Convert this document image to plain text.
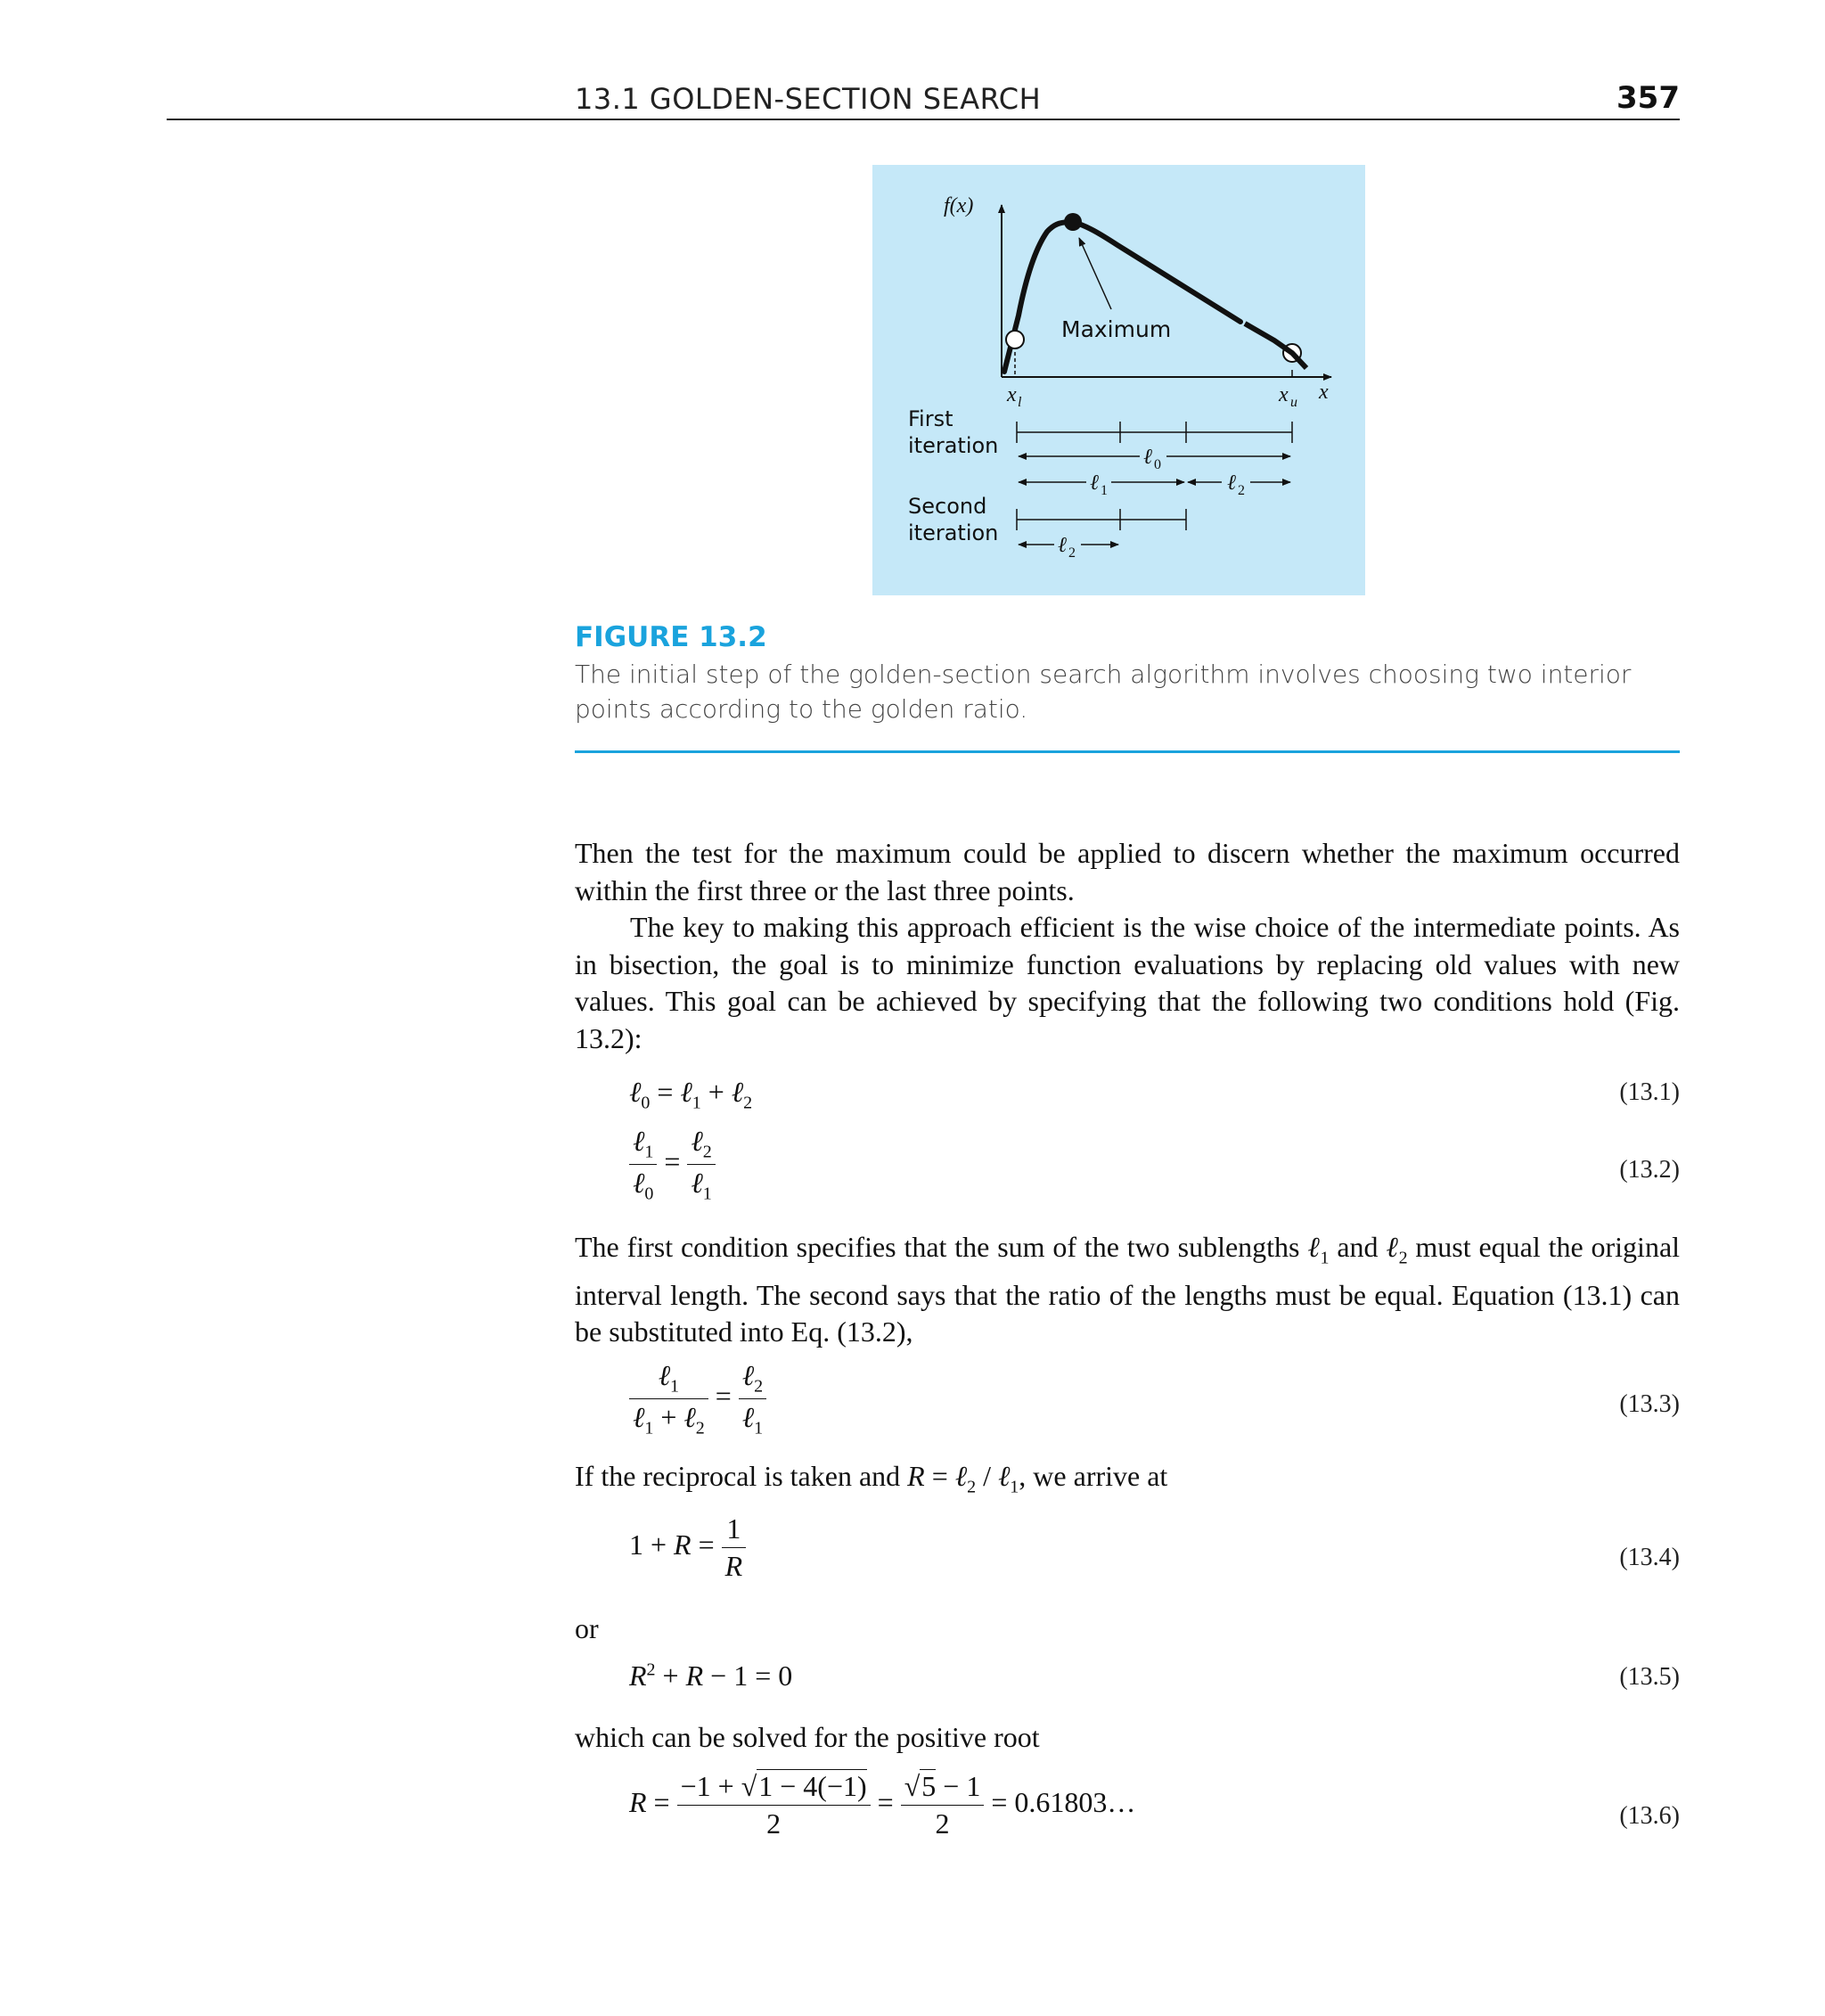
13.1 GOLDEN-SECTION SEARCH	357
f(x)
x
Maximum
x l	x u
First
iteration
Second
iteration
ℓ 0
ℓ 1	ℓ 2
ℓ 2
FIGURE 13.2
The initial step of the golden-section search algorithm involves choosing two interior points according to the golden ratio.
Then the test for the maximum could be applied to discern whether the maximum occurred within the first three or the last three points.
The key to making this approach efficient is the wise choice of the intermediate points. As in bisection, the goal is to minimize function evaluations by replacing old values with new values. This goal can be achieved by specifying that the following two conditions hold (Fig. 13.2):
ℓ$_0$ = ℓ$_1$ + ℓ$_2$	(13.1)
$\frac{\ell_1}{\ell_0} = \frac{\ell_2}{\ell_1}$	(13.2)
The first condition specifies that the sum of the two sublengths ℓ$_1$ and ℓ$_2$ must equal the original interval length. The second says that the ratio of the lengths must be equal. Equation (13.1) can be substituted into Eq. (13.2),
$\frac{\ell_1}{\ell_1 + \ell_2} = \frac{\ell_2}{\ell_1}$	(13.3)
If the reciprocal is taken and R = ℓ$_2$ / ℓ$_1$, we arrive at
$1 + R = \frac{1}{R}$	(13.4)
or
$R^2 + R - 1 = 0$	(13.5)
which can be solved for the positive root
$R = \frac{-1 + √1 - 4(-1)}{2} = \frac{√5 - 1}{2}$ = 0.61803…	(13.6)
